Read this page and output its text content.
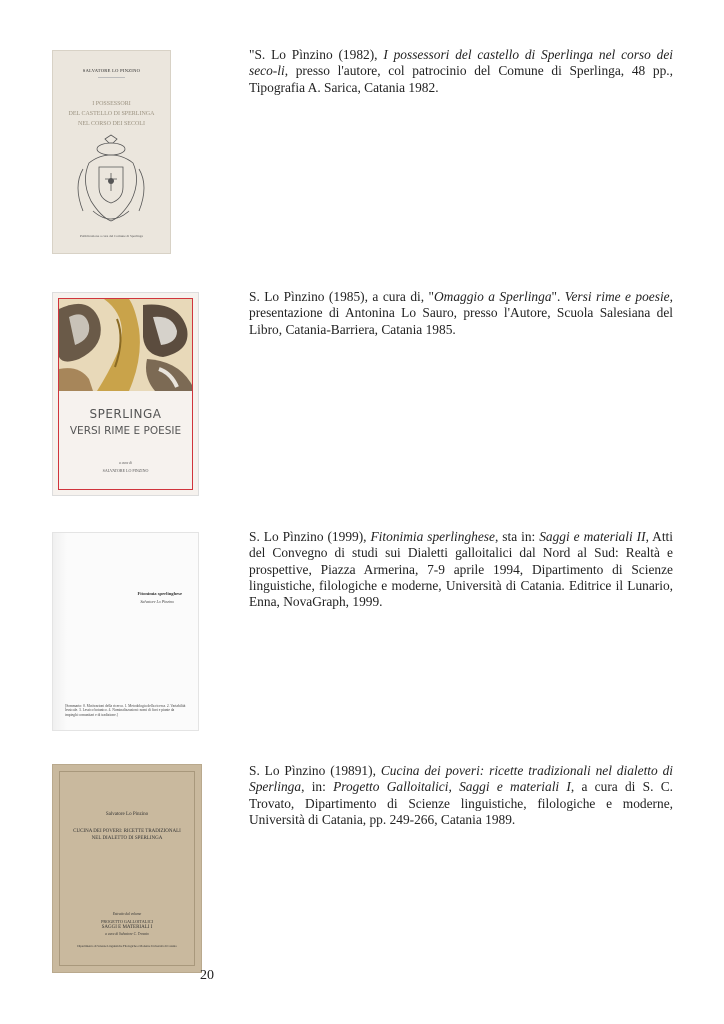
SALVATORE LO PINZINO
I POSSESSORI
DEL CASTELLO DI SPERLINGA
NEL CORSO DEI SECOLI
Pubblicazione a cura del Comune di Sperlinga
"S. Lo Pìnzino (1982), I possessori del castello di Sperlinga nel corso dei seco-li, presso l'autore, col patrocinio del Comune di Sperlinga, 48 pp., Tipografia A. Sarica, Catania 1982.
SPERLINGA
VERSI RIME E POESIE
a cura di
SALVATORE LO PINZINO
S. Lo Pìnzino (1985), a cura di, "Omaggio a Sperlinga". Versi rime e poesie, presentazione di Antonina Lo Sauro, presso l'Autore, Scuola Salesiana del Libro, Catania-Barriera, Catania 1985.
Fitonimia sperlinghese
Salvatore Lo Pìnzino
[Sommario: 0. Motivazioni della ricerca. 1. Metodologia della ricerca. 2. Variabilità lessicale. 3. Lessico botanico. 4. Nominalizzazioni: nomi di fiori e piante da impieghi comunitari e di tradizione.]
S. Lo Pìnzino (1999), Fitonimia sperlinghese, sta in: Saggi e materiali II, Atti del Convegno di studi sui Dialetti galloitalici dal Nord al Sud: Realtà e prospettive, Piazza Armerina, 7-9 aprile 1994, Dipartimento di Scienze linguistiche, filologiche e moderne, Università di Catania. Editrice il Lunario, Enna, NovaGraph, 1999.
Salvatore Lo Pinzino
CUCINA DEI POVERI: RICETTE TRADIZIONALI
NEL DIALETTO DI SPERLINGA
Estratto dal volume
PROGETTO GALLOITALICI
SAGGI E MATERIALI I
a cura di Salvatore C. Trovato
Dipartimento di Scienze Linguistiche Filologiche e Moderne Università di Catania
S. Lo Pìnzino (19891), Cucina dei poveri: ricette tradizionali nel dialetto di Sperlinga, in: Progetto Galloitalici, Saggi e materiali I, a cura di S. C. Trovato, Dipartimento di Scienze linguistiche, filologiche e moderne, Università di Catania, pp. 249-266, Catania 1989.
20
